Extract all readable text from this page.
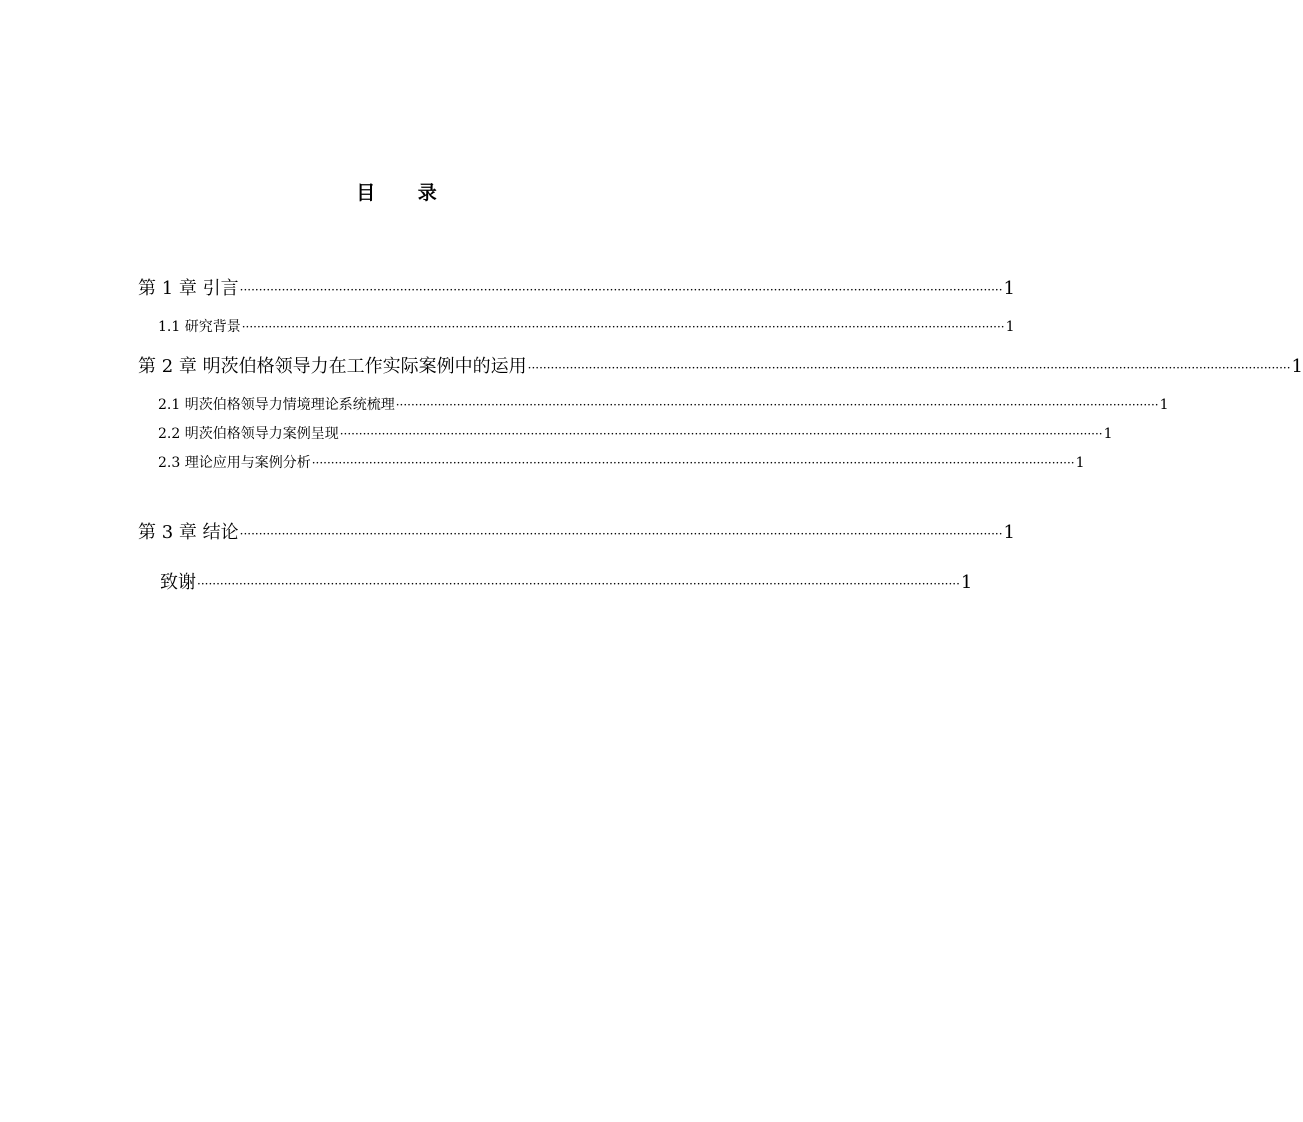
目 录
第 1 章 引言 ········································································································································································································ 1
1.1 研究背景 ········································································································································································································ 1
第 2 章 明茨伯格领导力在工作实际案例中的运用 ········································································································································································································ 1
2.1 明茨伯格领导力情境理论系统梳理 ········································································································································································································ 1
2.2 明茨伯格领导力案例呈现 ········································································································································································································ 1
2.3 理论应用与案例分析 ········································································································································································································ 1
第 3 章 结论 ········································································································································································································ 1
致谢 ········································································································································································································ 1
